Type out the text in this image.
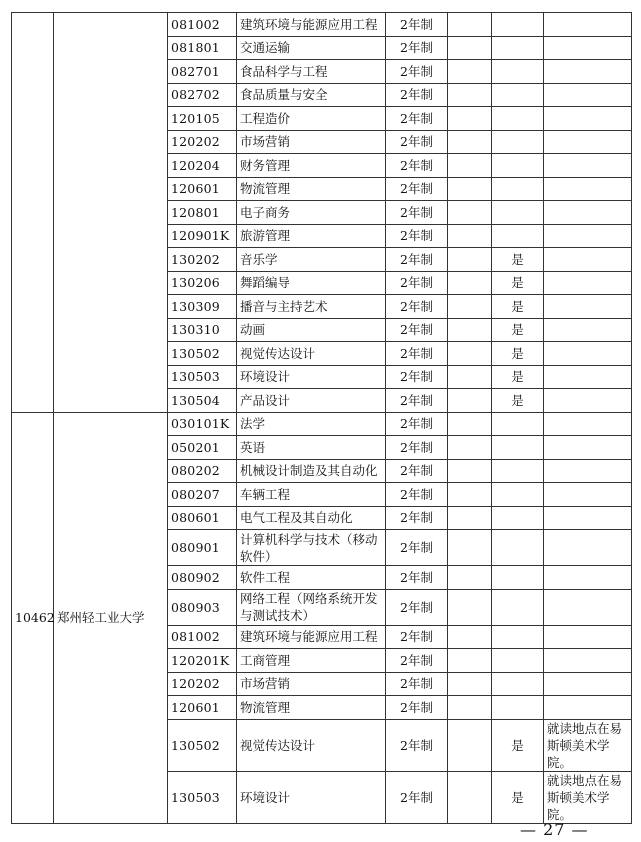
		081002	建筑环境与能源应用工程	2年制			
		081801	交通运输	2年制			
		082701	食品科学与工程	2年制			
		082702	食品质量与安全	2年制			
		120105	工程造价	2年制			
		120202	市场营销	2年制			
		120204	财务管理	2年制			
		120601	物流管理	2年制			
		120801	电子商务	2年制			
		120901K	旅游管理	2年制			
		130202	音乐学	2年制		是	
		130206	舞蹈编导	2年制		是	
		130309	播音与主持艺术	2年制		是	
		130310	动画	2年制		是	
		130502	视觉传达设计	2年制		是	
		130503	环境设计	2年制		是	
		130504	产品设计	2年制		是	
10462	郑州轻工业大学	030101K	法学	2年制			
		050201	英语	2年制			
		080202	机械设计制造及其自动化	2年制			
		080207	车辆工程	2年制			
		080601	电气工程及其自动化	2年制			
		080901	计算机科学与技术（移动软件）	2年制			
		080902	软件工程	2年制			
		080903	网络工程（网络系统开发与测试技术）	2年制			
		081002	建筑环境与能源应用工程	2年制			
		120201K	工商管理	2年制			
		120202	市场营销	2年制			
		120601	物流管理	2年制			
		130502	视觉传达设计	2年制		是	就读地点在易斯顿美术学院。
		130503	环境设计	2年制		是	就读地点在易斯顿美术学院。
— 27 —
